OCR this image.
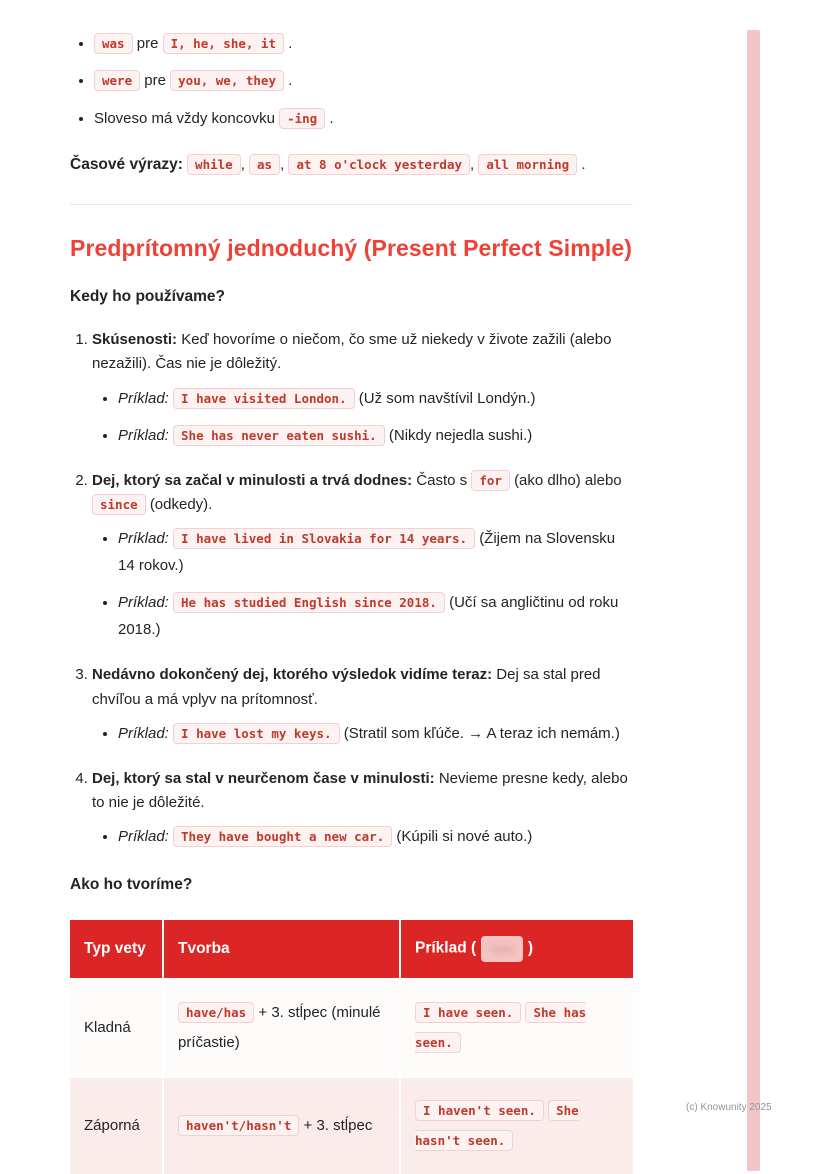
• was pre I, he, she, it .
• were pre you, we, they .
• Sloveso má vždy koncovku -ing .

Časové výrazy: while , as , at 8 o'clock yesterday , all morning .

Predprítomný jednoduchý (Present Perfect Simple)

Kedy ho používame?

1. Skúsenosti: Keď hovoríme o niečom, čo sme už niekedy v živote zažili (alebo nezažili). Čas nie je dôležitý.
• Príklad: I have visited London. (Už som navštívil Londýn.)
• Príklad: She has never eaten sushi. (Nikdy nejedla sushi.)
2. Dej, ktorý sa začal v minulosti a trvá dodnes: Často s for (ako dlho) alebo since (odkedy).
• Príklad: I have lived in Slovakia for 14 years. (Žijem na Slovensku 14 rokov.)
• Príklad: He has studied English since 2018. (Učí sa angličtinu od roku 2018.)
3. Nedávno dokončený dej, ktorého výsledok vidíme teraz: Dej sa stal pred chvíľou a má vplyv na prítomnosť.
• Príklad: I have lost my keys. (Stratil som kľúče. → A teraz ich nemám.)
4. Dej, ktorý sa stal v neurčenom čase v minulosti: Nevieme presne kedy, alebo to nie je dôležité.
• Príklad: They have bought a new car. (Kúpili si nové auto.)

Ako ho tvoríme?

Typ vety	Tvorba	Príklad ( see )
Kladná	have/has + 3. stĺpec (minulé príčastie)	I have seen. She has seen.
Záporná	haven't/hasn't + 3. stĺpec	I haven't seen. She hasn't seen.
(c) Knowunity 2025
